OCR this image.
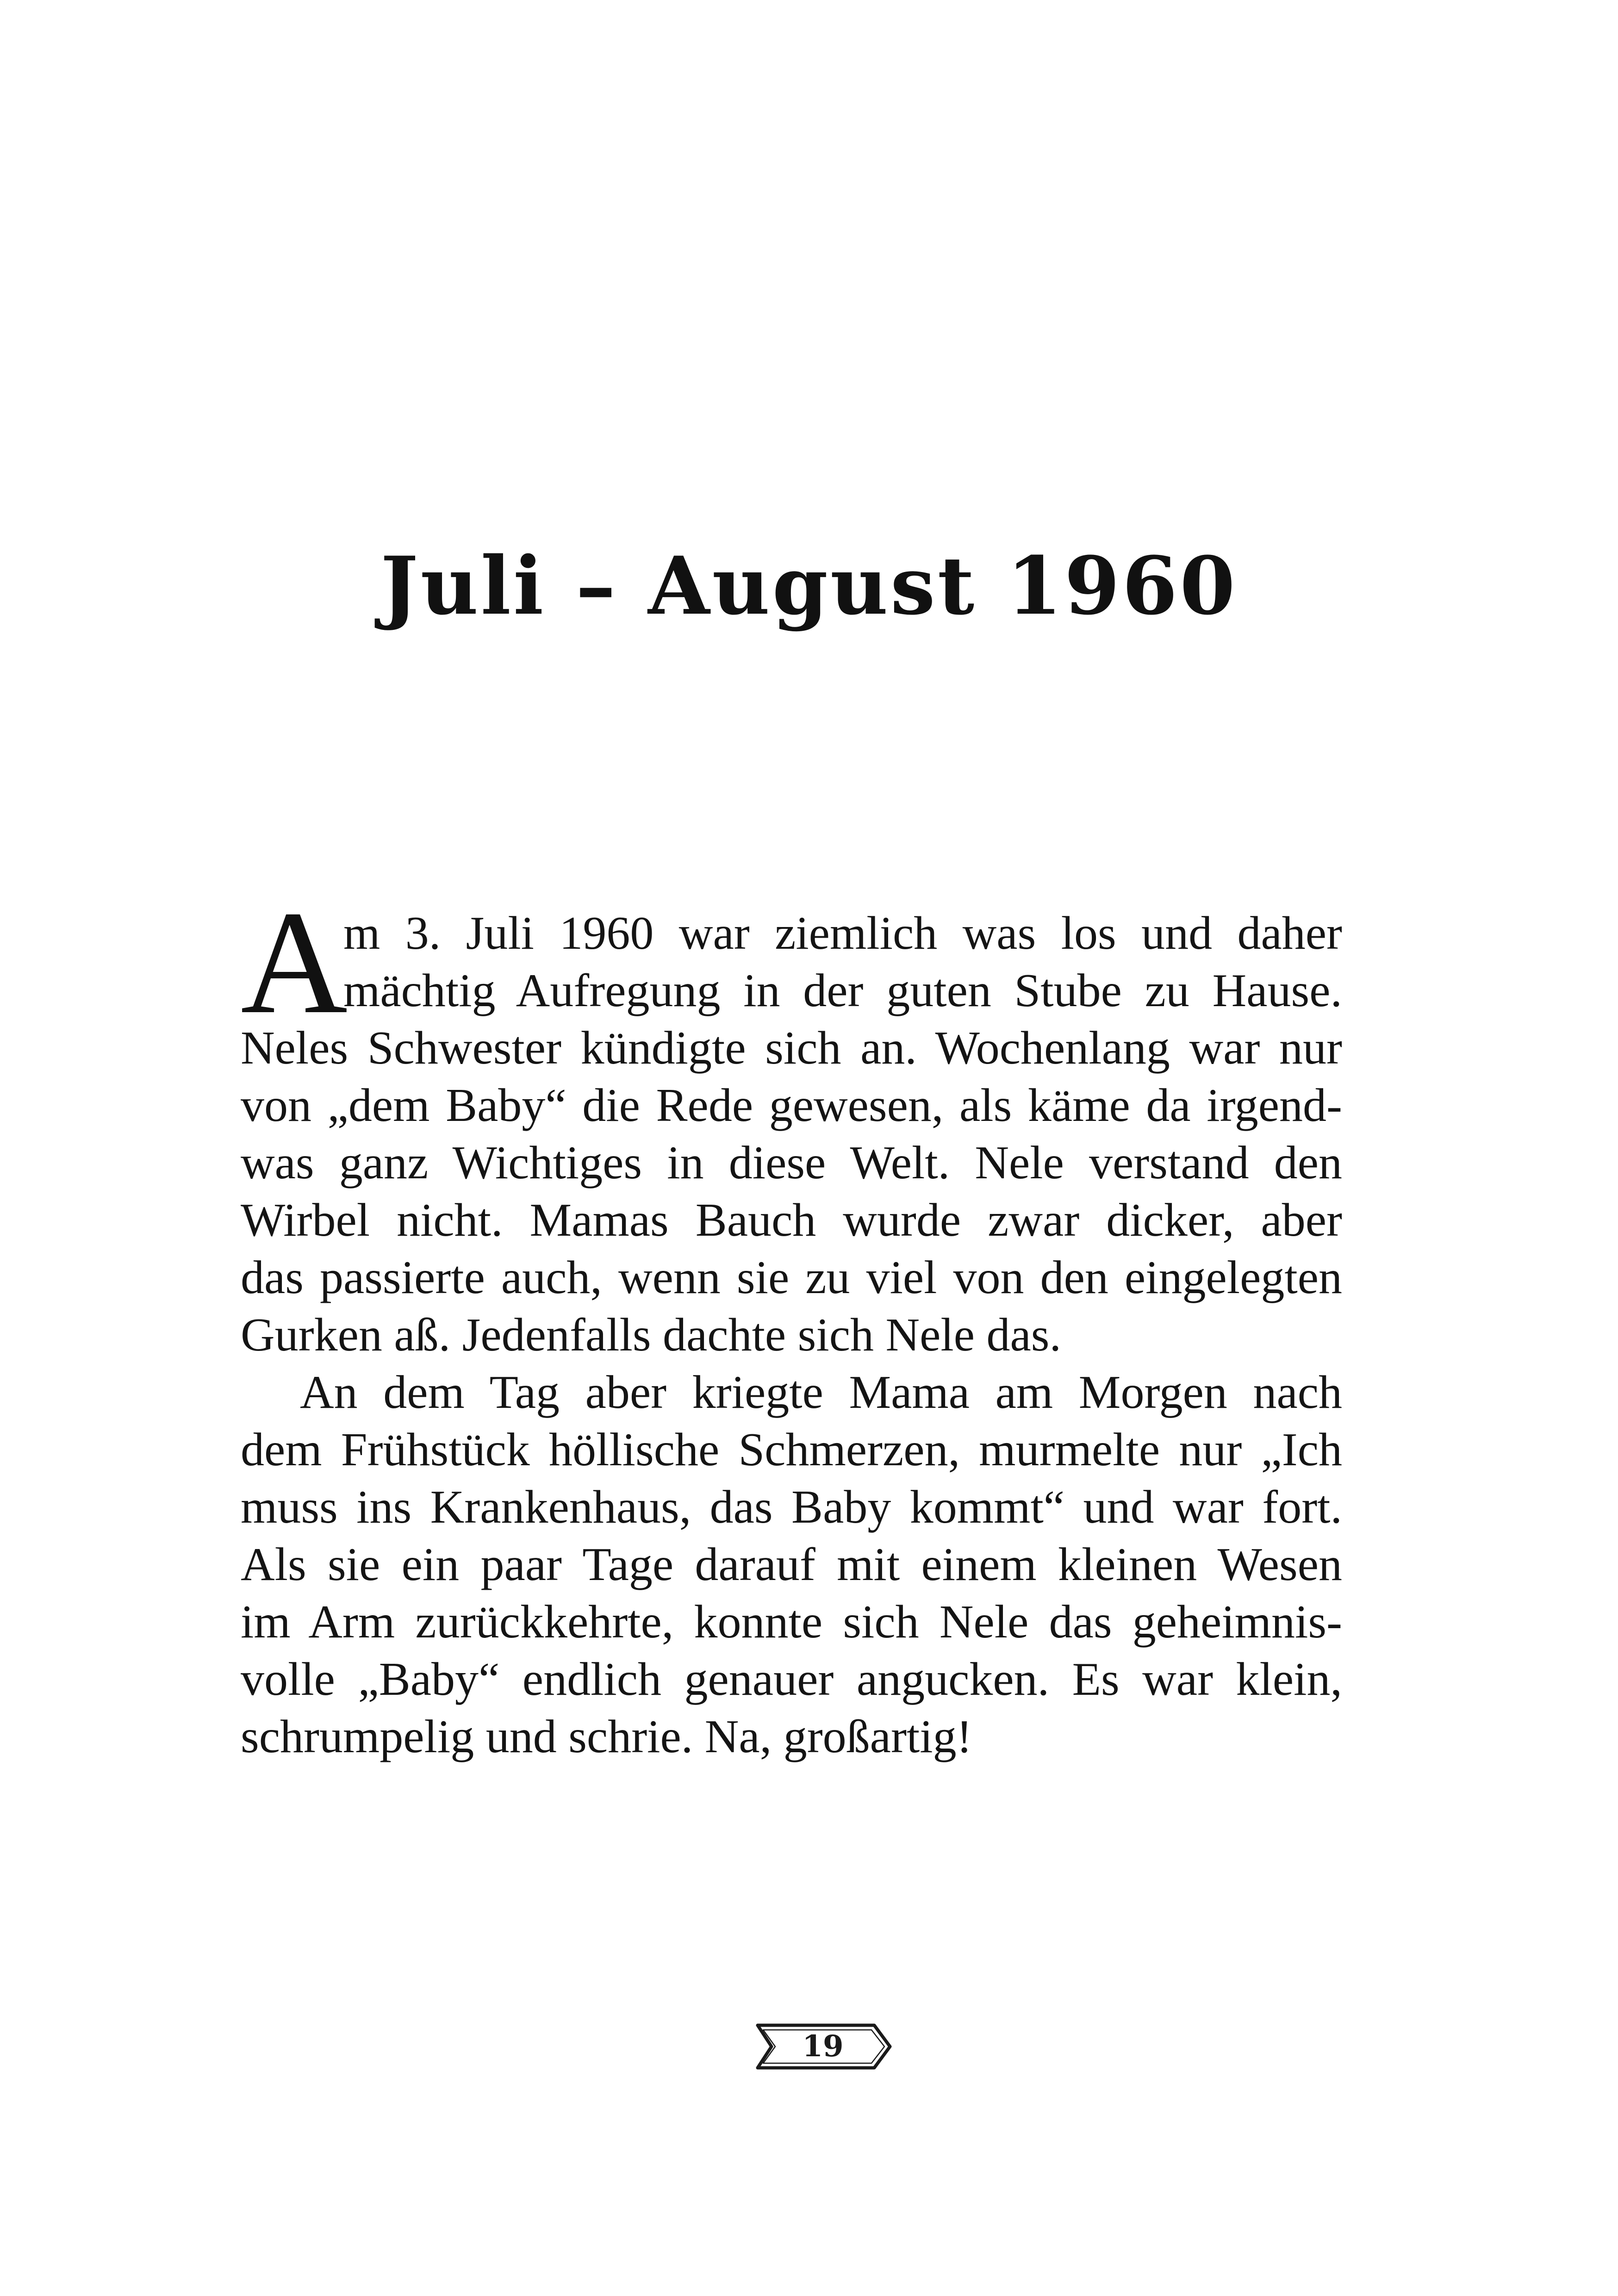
Juli – August 1960
A
m 3. Juli 1960 war ziemlich was los und daher
mächtig Aufregung in der guten Stube zu Hause.
Neles Schwester kündigte sich an. Wochenlang war nur
von „dem Baby“ die Rede gewesen, als käme da irgend-
was ganz Wichtiges in diese Welt. Nele verstand den
Wirbel nicht. Mamas Bauch wurde zwar dicker, aber
das passierte auch, wenn sie zu viel von den eingelegten
Gurken aß. Jedenfalls dachte sich Nele das.
An dem Tag aber kriegte Mama am Morgen nach
dem Frühstück höllische Schmerzen, murmelte nur „Ich
muss ins Krankenhaus, das Baby kommt“ und war fort.
Als sie ein paar Tage darauf mit einem kleinen Wesen
im Arm zurückkehrte, konnte sich Nele das geheimnis-
volle „Baby“ endlich genauer angucken. Es war klein,
schrumpelig und schrie. Na, großartig!
19
